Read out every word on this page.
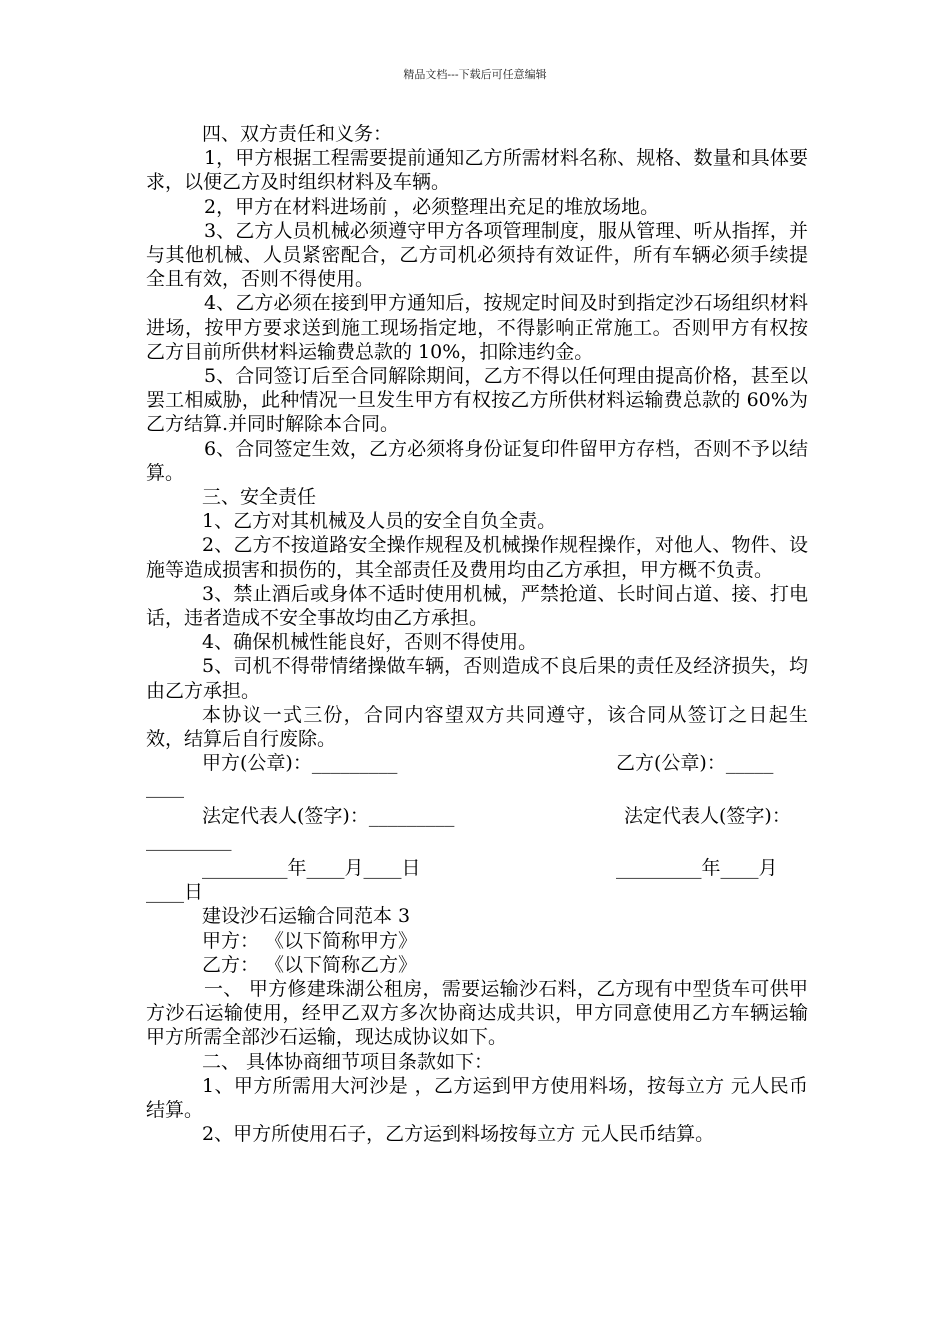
精品文档---下载后可任意编辑

四、双方责任和义务：

1，甲方根据工程需要提前通知乙方所需材料名称、规格、数量和具体要求，以便乙方及时组织材料及车辆。

2，甲方在材料进场前 ，必须整理出充足的堆放场地。

3、乙方人员机械必须遵守甲方各项管理制度，服从管理、听从指挥，并与其他机械、人员紧密配合，乙方司机必须持有效证件，所有车辆必须手续提全且有效，否则不得使用。

4、乙方必须在接到甲方通知后，按规定时间及时到指定沙石场组织材料进场，按甲方要求送到施工现场指定地，不得影响正常施工。否则甲方有权按乙方目前所供材料运输费总款的 10%，扣除违约金。

5、合同签订后至合同解除期间，乙方不得以任何理由提高价格，甚至以罢工相威胁，此种情况一旦发生甲方有权按乙方所供材料运输费总款的 60%为乙方结算.并同时解除本合同。

6、合同签定生效，乙方必须将身份证复印件留甲方存档，否则不予以结算。

三、安全责任

1、乙方对其机械及人员的安全自负全责。

2、乙方不按道路安全操作规程及机械操作规程操作，对他人、物件、设施等造成损害和损伤的，其全部责任及费用均由乙方承担，甲方概不负责。

3、禁止酒后或身体不适时使用机械，严禁抢道、长时间占道、接、打电话，违者造成不安全事故均由乙方承担。

4、确保机械性能良好，否则不得使用。

5、司机不得带情绪操做车辆，否则造成不良后果的责任及经济损失，均由乙方承担。

本协议一式三份，合同内容望双方共同遵守，该合同从签订之日起生效，结算后自行废除。

甲方(公章)：_________	乙方(公章)：_____
____
法定代表人(签字)：_________	法定代表人(签字)：
_________
_________年____月____日	_________年____月
____日

建设沙石运输合同范本 3

甲方： 《以下简称甲方》

乙方： 《以下简称乙方》

一、 甲方修建珠湖公租房，需要运输沙石料，乙方现有中型货车可供甲方沙石运输使用，经甲乙双方多次协商达成共识，甲方同意使用乙方车辆运输甲方所需全部沙石运输，现达成协议如下。

二、 具体协商细节项目条款如下：

1、甲方所需用大河沙是 ，乙方运到甲方使用料场，按每立方 元人民币结算。

2、甲方所使用石子，乙方运到料场按每立方 元人民币结算。
